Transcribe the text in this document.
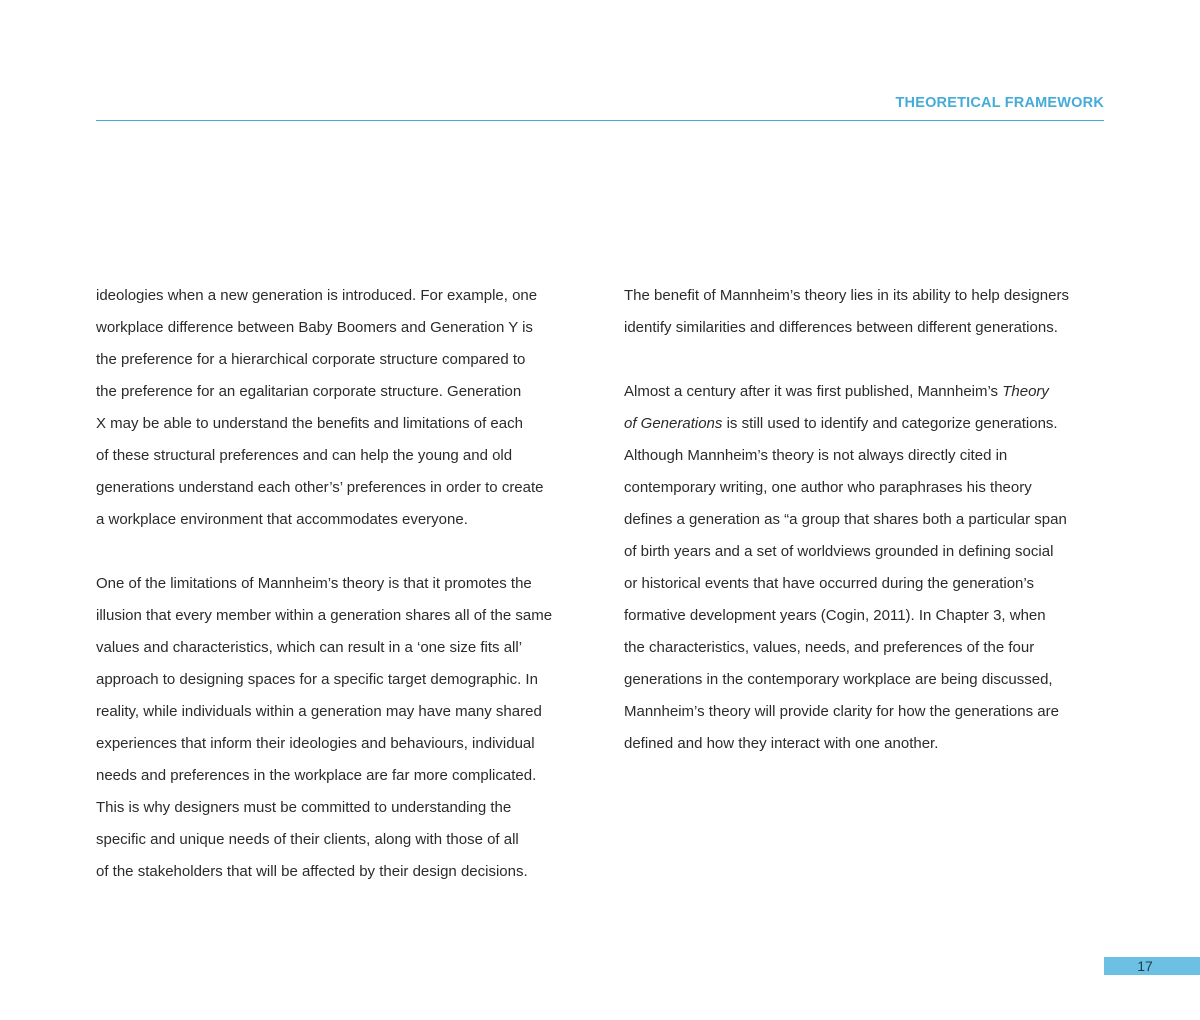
THEORETICAL FRAMEWORK
ideologies when a new generation is introduced. For example, one
workplace difference between Baby Boomers and Generation Y is
the preference for a hierarchical corporate structure compared to
the preference for an egalitarian corporate structure. Generation
X may be able to understand the benefits and limitations of each
of these structural preferences and can help the young and old
generations understand each other’s’ preferences in order to create
a workplace environment that accommodates everyone.
One of the limitations of Mannheim’s theory is that it promotes the
illusion that every member within a generation shares all of the same
values and characteristics, which can result in a ‘one size fits all’
approach to designing spaces for a specific target demographic. In
reality, while individuals within a generation may have many shared
experiences that inform their ideologies and behaviours, individual
needs and preferences in the workplace are far more complicated.
This is why designers must be committed to understanding the
specific and unique needs of their clients, along with those of all
of the stakeholders that will be affected by their design decisions.
The benefit of Mannheim’s theory lies in its ability to help designers
identify similarities and differences between different generations.
Almost a century after it was first published, Mannheim’s Theory
of Generations is still used to identify and categorize generations.
Although Mannheim’s theory is not always directly cited in
contemporary writing, one author who paraphrases his theory
defines a generation as “a group that shares both a particular span
of birth years and a set of worldviews grounded in defining social
or historical events that have occurred during the generation’s
formative development years (Cogin, 2011). In Chapter 3, when
the characteristics, values, needs, and preferences of the four
generations in the contemporary workplace are being discussed,
Mannheim’s theory will provide clarity for how the generations are
defined and how they interact with one another.
17
